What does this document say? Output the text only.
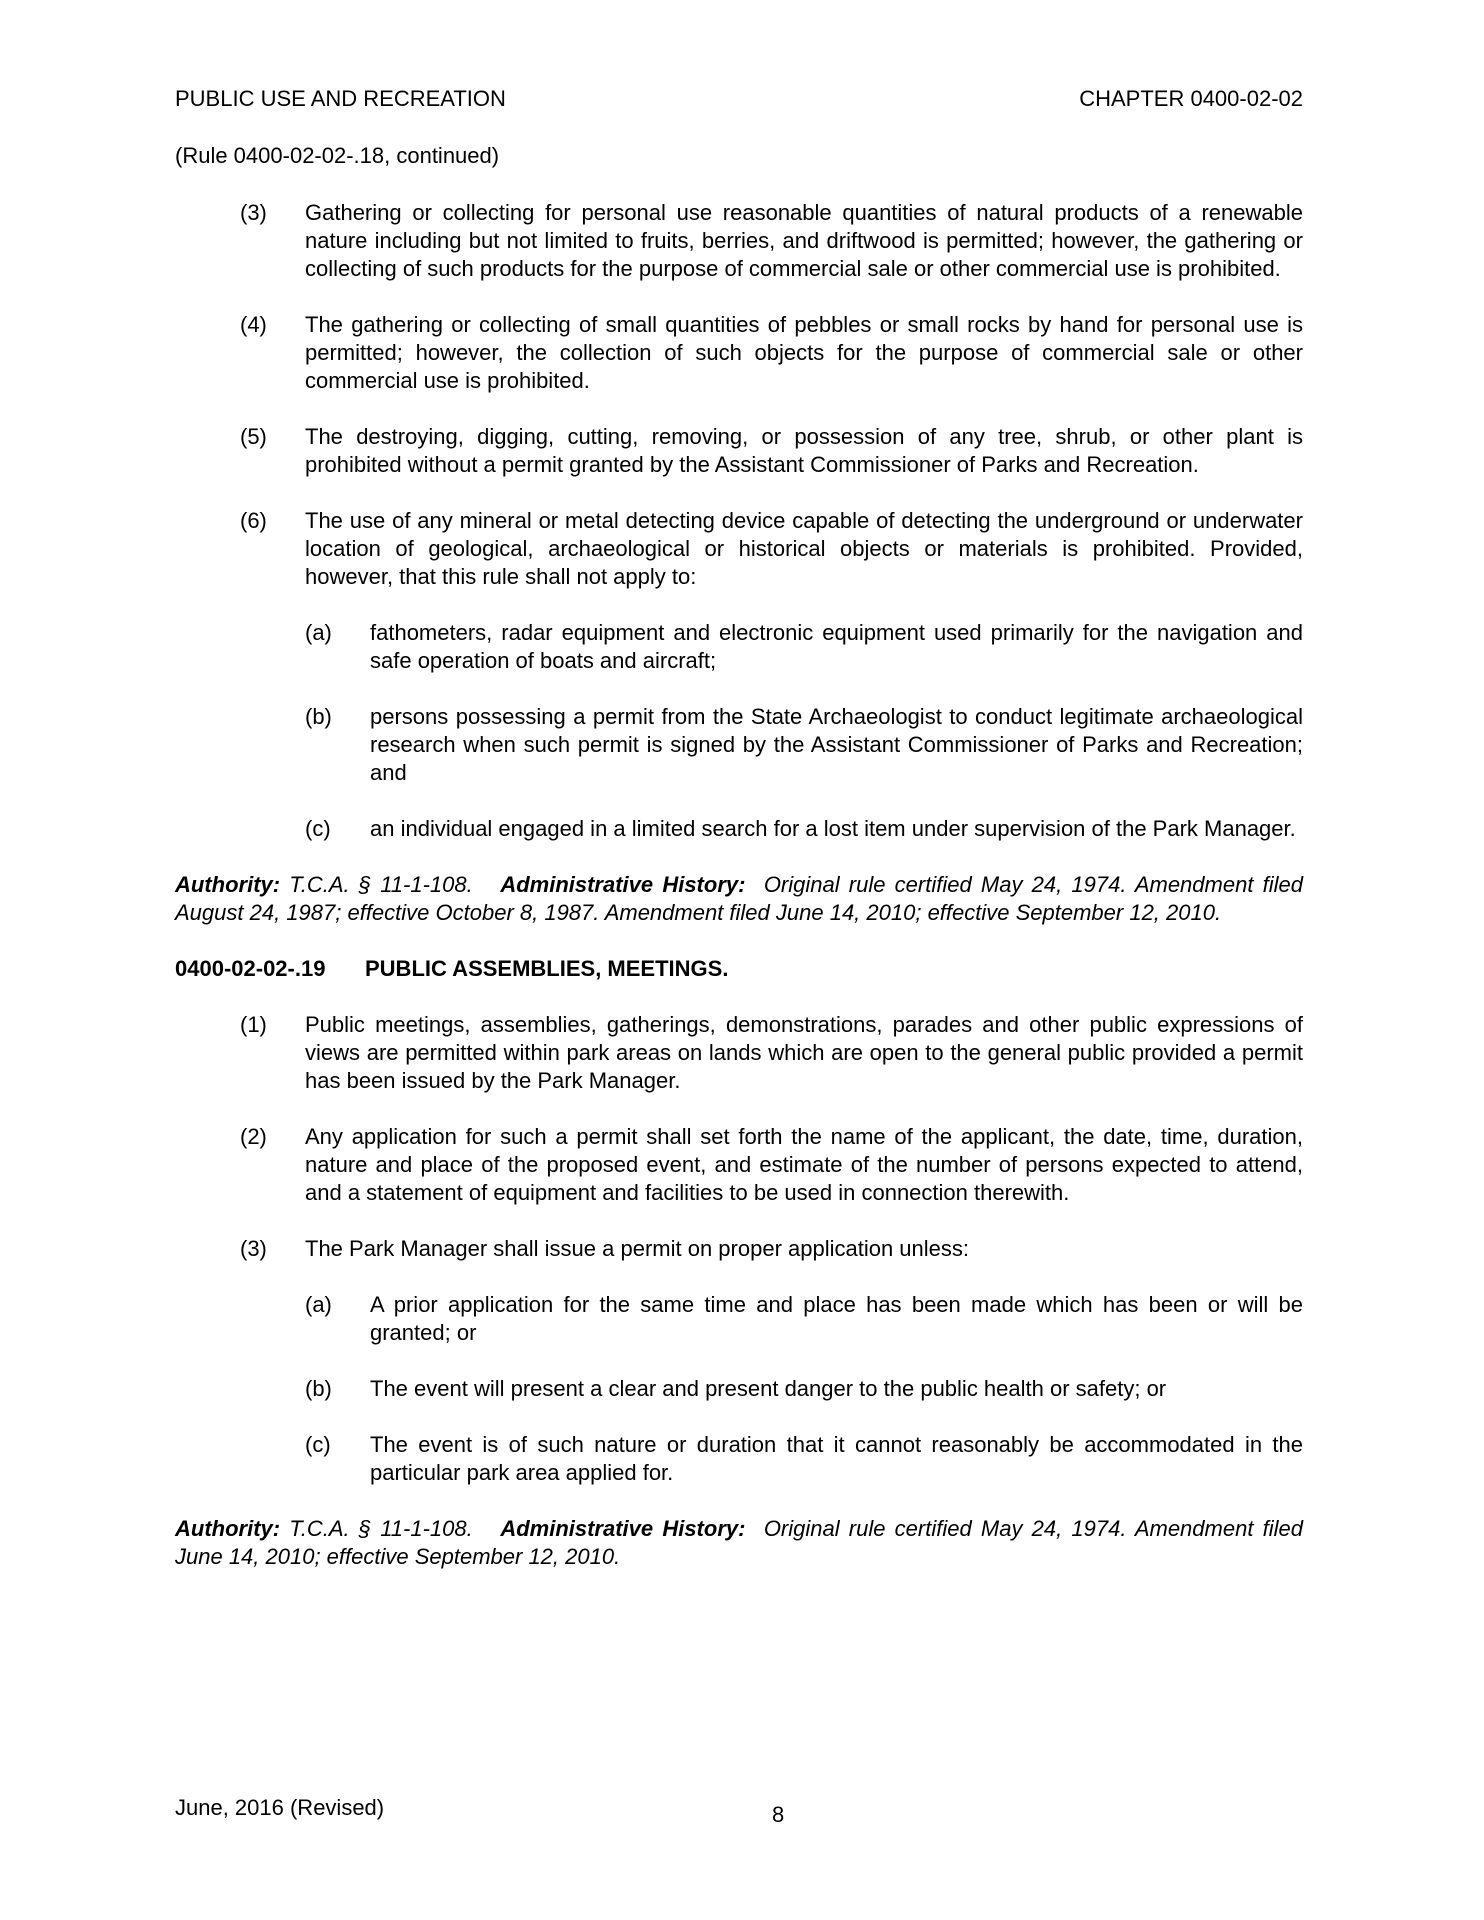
PUBLIC USE AND RECREATION	CHAPTER 0400-02-02
(Rule 0400-02-02-.18, continued)
(3) Gathering or collecting for personal use reasonable quantities of natural products of a renewable nature including but not limited to fruits, berries, and driftwood is permitted; however, the gathering or collecting of such products for the purpose of commercial sale or other commercial use is prohibited.
(4) The gathering or collecting of small quantities of pebbles or small rocks by hand for personal use is permitted; however, the collection of such objects for the purpose of commercial sale or other commercial use is prohibited.
(5) The destroying, digging, cutting, removing, or possession of any tree, shrub, or other plant is prohibited without a permit granted by the Assistant Commissioner of Parks and Recreation.
(6) The use of any mineral or metal detecting device capable of detecting the underground or underwater location of geological, archaeological or historical objects or materials is prohibited. Provided, however, that this rule shall not apply to:
(a) fathometers, radar equipment and electronic equipment used primarily for the navigation and safe operation of boats and aircraft;
(b) persons possessing a permit from the State Archaeologist to conduct legitimate archaeological research when such permit is signed by the Assistant Commissioner of Parks and Recreation; and
(c) an individual engaged in a limited search for a lost item under supervision of the Park Manager.
Authority: T.C.A. § 11-1-108. Administrative History: Original rule certified May 24, 1974. Amendment filed August 24, 1987; effective October 8, 1987. Amendment filed June 14, 2010; effective September 12, 2010.
0400-02-02-.19 PUBLIC ASSEMBLIES, MEETINGS.
(1) Public meetings, assemblies, gatherings, demonstrations, parades and other public expressions of views are permitted within park areas on lands which are open to the general public provided a permit has been issued by the Park Manager.
(2) Any application for such a permit shall set forth the name of the applicant, the date, time, duration, nature and place of the proposed event, and estimate of the number of persons expected to attend, and a statement of equipment and facilities to be used in connection therewith.
(3) The Park Manager shall issue a permit on proper application unless:
(a) A prior application for the same time and place has been made which has been or will be granted; or
(b) The event will present a clear and present danger to the public health or safety; or
(c) The event is of such nature or duration that it cannot reasonably be accommodated in the particular park area applied for.
Authority: T.C.A. § 11-1-108. Administrative History: Original rule certified May 24, 1974. Amendment filed June 14, 2010; effective September 12, 2010.
June, 2016 (Revised)	8
